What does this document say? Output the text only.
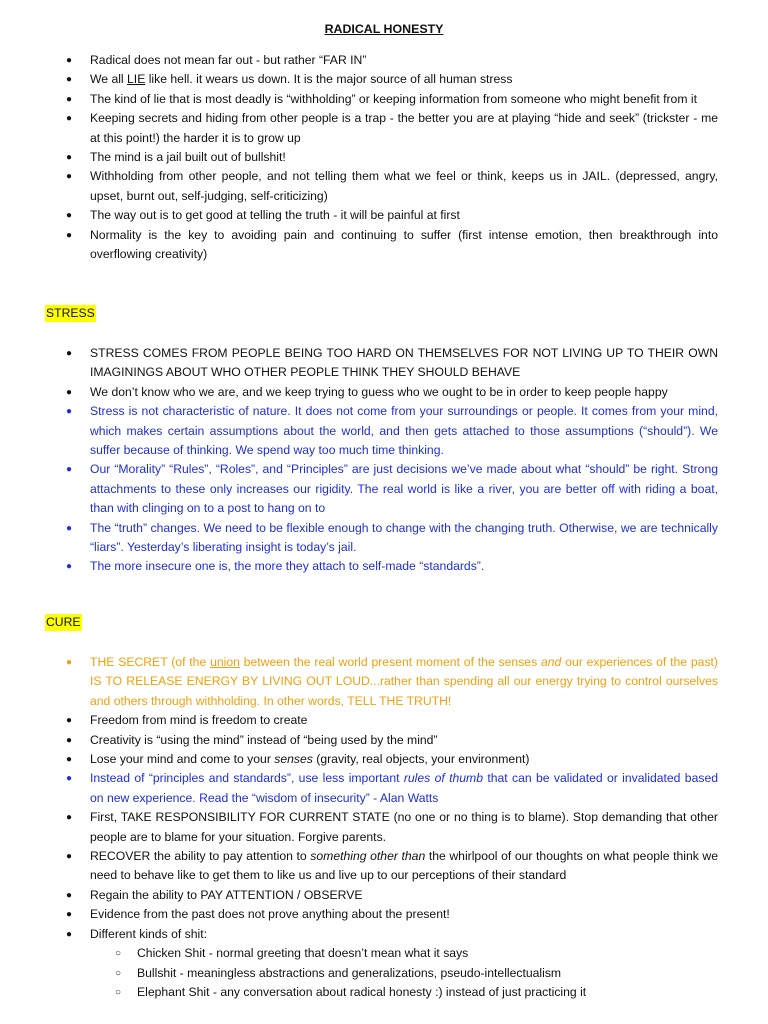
RADICAL HONESTY
● Radical does not mean far out - but rather “FAR IN”
● We all LIE like hell. it wears us down. It is the major source of all human stress
● The kind of lie that is most deadly is “withholding” or keeping information from someone who might benefit from it
● Keeping secrets and hiding from other people is a trap - the better you are at playing “hide and seek” (trickster - me at this point!) the harder it is to grow up
● The mind is a jail built out of bullshit!
● Withholding from other people, and not telling them what we feel or think, keeps us in JAIL. (depressed, angry, upset, burnt out, self-judging, self-criticizing)
● The way out is to get good at telling the truth - it will be painful at first
● Normality is the key to avoiding pain and continuing to suffer (first intense emotion, then breakthrough into overflowing creativity)
STRESS
● STRESS COMES FROM PEOPLE BEING TOO HARD ON THEMSELVES FOR NOT LIVING UP TO THEIR OWN IMAGININGS ABOUT WHO OTHER PEOPLE THINK THEY SHOULD BEHAVE
● We don’t know who we are, and we keep trying to guess who we ought to be in order to keep people happy
● Stress is not characteristic of nature. It does not come from your surroundings or people. It comes from your mind, which makes certain assumptions about the world, and then gets attached to those assumptions (“should”). We suffer because of thinking. We spend way too much time thinking.
● Our “Morality” “Rules”, “Roles”, and “Principles” are just decisions we’ve made about what “should” be right. Strong attachments to these only increases our rigidity. The real world is like a river, you are better off with riding a boat, than with clinging on to a post to hang on to
● The “truth” changes. We need to be flexible enough to change with the changing truth. Otherwise, we are technically “liars”. Yesterday’s liberating insight is today’s jail.
● The more insecure one is, the more they attach to self-made “standards”.
CURE
● THE SECRET (of the union between the real world present moment of the senses and our experiences of the past) IS TO RELEASE ENERGY BY LIVING OUT LOUD...rather than spending all our energy trying to control ourselves and others through withholding. In other words, TELL THE TRUTH!
● Freedom from mind is freedom to create
● Creativity is “using the mind” instead of “being used by the mind”
● Lose your mind and come to your senses (gravity, real objects, your environment)
● Instead of “principles and standards”, use less important rules of thumb that can be validated or invalidated based on new experience. Read the “wisdom of insecurity” - Alan Watts
● First, TAKE RESPONSIBILITY FOR CURRENT STATE (no one or no thing is to blame). Stop demanding that other people are to blame for your situation. Forgive parents.
● RECOVER the ability to pay attention to something other than the whirlpool of our thoughts on what people think we need to behave like to get them to like us and live up to our perceptions of their standard
● Regain the ability to PAY ATTENTION / OBSERVE
● Evidence from the past does not prove anything about the present!
● Different kinds of shit:
○ Chicken Shit - normal greeting that doesn’t mean what it says
○ Bullshit - meaningless abstractions and generalizations, pseudo-intellectualism
○ Elephant Shit - any conversation about radical honesty :) instead of just practicing it
